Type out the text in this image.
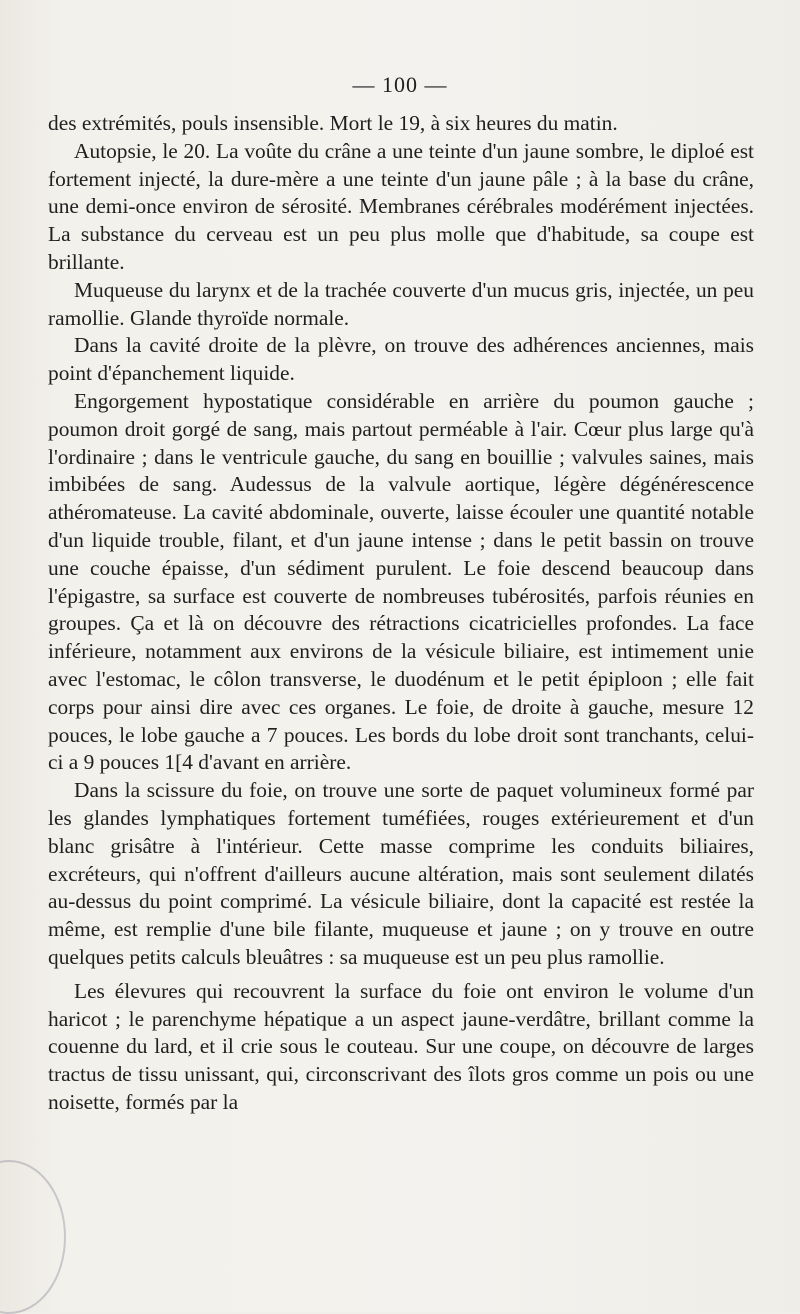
— 100 —

des extrémités, pouls insensible. Mort le 19, à six heures du matin.

Autopsie, le 20. La voûte du crâne a une teinte d'un jaune sombre, le diploé est fortement injecté, la dure-mère a une teinte d'un jaune pâle ; à la base du crâne, une demi-once environ de sérosité. Membranes cérébrales modérément injectées. La substance du cerveau est un peu plus molle que d'habitude, sa coupe est brillante.

Muqueuse du larynx et de la trachée couverte d'un mucus gris, injectée, un peu ramollie. Glande thyroïde normale.

Dans la cavité droite de la plèvre, on trouve des adhérences anciennes, mais point d'épanchement liquide.

Engorgement hypostatique considérable en arrière du poumon gauche ; poumon droit gorgé de sang, mais partout perméable à l'air. Cœur plus large qu'à l'ordinaire ; dans le ventricule gauche, du sang en bouillie ; valvules saines, mais imbibées de sang. Audessus de la valvule aortique, légère dégénérescence athéromateuse. La cavité abdominale, ouverte, laisse écouler une quantité notable d'un liquide trouble, filant, et d'un jaune intense ; dans le petit bassin on trouve une couche épaisse, d'un sédiment purulent. Le foie descend beaucoup dans l'épigastre, sa surface est couverte de nombreuses tubérosités, parfois réunies en groupes. Ça et là on découvre des rétractions cicatricielles profondes. La face inférieure, notamment aux environs de la vésicule biliaire, est intimement unie avec l'estomac, le côlon transverse, le duodénum et le petit épiploon ; elle fait corps pour ainsi dire avec ces organes. Le foie, de droite à gauche, mesure 12 pouces, le lobe gauche a 7 pouces. Les bords du lobe droit sont tranchants, celui-ci a 9 pouces 1[4 d'avant en arrière.

Dans la scissure du foie, on trouve une sorte de paquet volumineux formé par les glandes lymphatiques fortement tuméfiées, rouges extérieurement et d'un blanc grisâtre à l'intérieur. Cette masse comprime les conduits biliaires, excréteurs, qui n'offrent d'ailleurs aucune altération, mais sont seulement dilatés au-dessus du point comprimé. La vésicule biliaire, dont la capacité est restée la même, est remplie d'une bile filante, muqueuse et jaune ; on y trouve en outre quelques petits calculs bleuâtres : sa muqueuse est un peu plus ramollie.

Les élevures qui recouvrent la surface du foie ont environ le volume d'un haricot ; le parenchyme hépatique a un aspect jaune-verdâtre, brillant comme la couenne du lard, et il crie sous le couteau. Sur une coupe, on découvre de larges tractus de tissu unissant, qui, circonscrivant des îlots gros comme un pois ou une noisette, formés par la
